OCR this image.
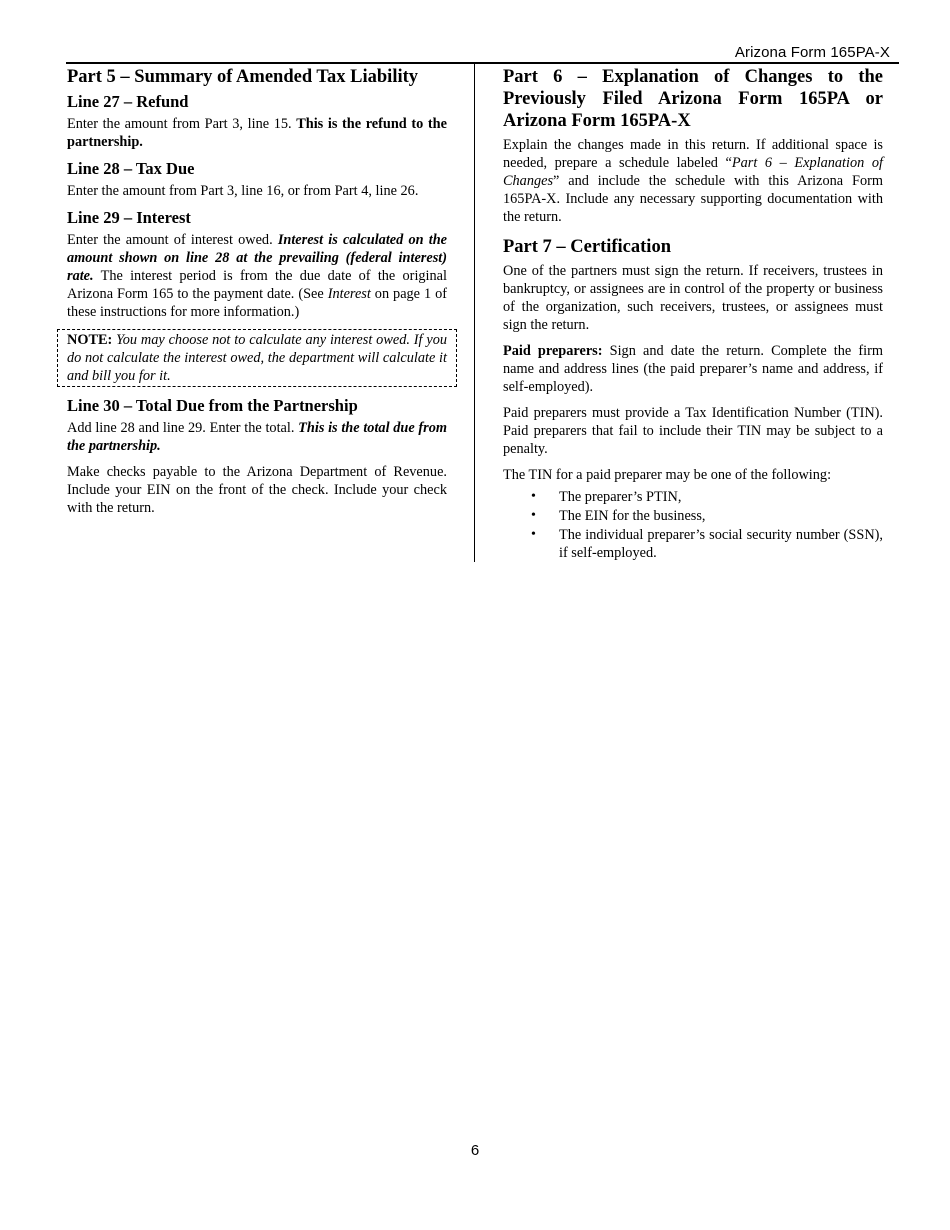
Arizona Form 165PA-X
Part 5 – Summary of Amended Tax Liability
Line 27 – Refund

Enter the amount from Part 3, line 15. This is the refund to the partnership.

Line 28 – Tax Due

Enter the amount from Part 3, line 16, or from Part 4, line 26.

Line 29 – Interest

Enter the amount of interest owed. Interest is calculated on the amount shown on line 28 at the prevailing (federal interest) rate. The interest period is from the due date of the original Arizona Form 165 to the payment date. (See Interest on page 1 of these instructions for more information.)

NOTE: You may choose not to calculate any interest owed. If you do not calculate the interest owed, the department will calculate it and bill you for it.
Line 30 – Total Due from the Partnership

Add line 28 and line 29. Enter the total. This is the total due from the partnership.

Make checks payable to the Arizona Department of Revenue. Include your EIN on the front of the check. Include your check with the return.

Part 6 – Explanation of Changes to the Previously Filed Arizona Form 165PA or Arizona Form 165PA-X

Explain the changes made in this return. If additional space is needed, prepare a schedule labeled “Part 6 – Explanation of Changes” and include the schedule with this Arizona Form 165PA-X. Include any necessary supporting documentation with the return.

Part 7 – Certification

One of the partners must sign the return. If receivers, trustees in bankruptcy, or assignees are in control of the property or business of the organization, such receivers, trustees, or assignees must sign the return.

Paid preparers: Sign and date the return. Complete the firm name and address lines (the paid preparer’s name and address, if self-employed).

Paid preparers must provide a Tax Identification Number (TIN). Paid preparers that fail to include their TIN may be subject to a penalty.

The TIN for a paid preparer may be one of the following:

• The preparer’s PTIN,
• The EIN for the business,
• The individual preparer’s social security number (SSN), if self-employed.
6
